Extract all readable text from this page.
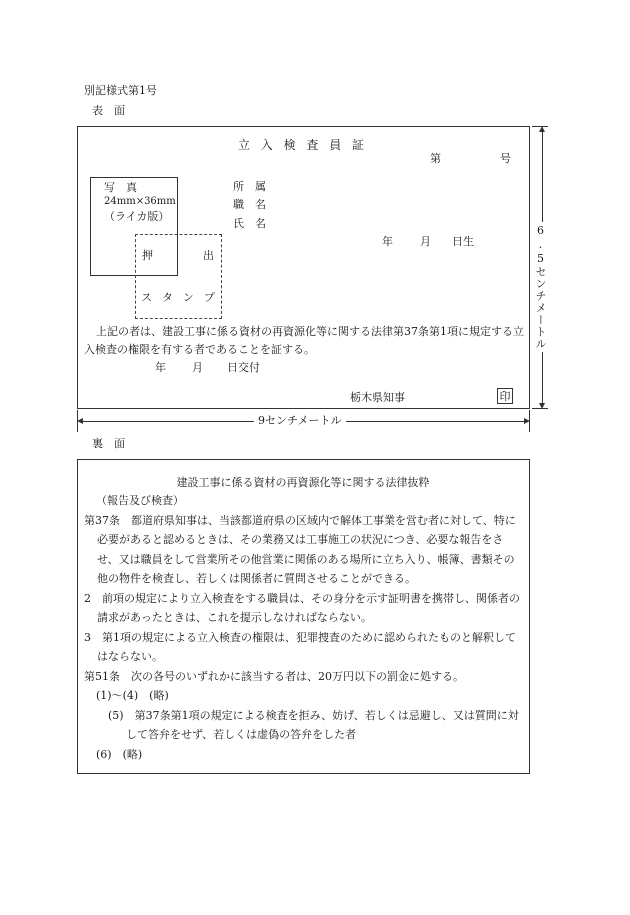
別記様式第1号
表　面
立入検査員証
第	号
写　真
24mm×36mm
（ライカ版）
押	出
スタンプ
所　属
職　名
氏　名
年 月 日生
上記の者は、建設工事に係る資材の再資源化等に関する法律第37条第1項に規定する立入検査の権限を有する者であることを証する。
年 月 日交付
栃木県知事	印
6.5センチメートル
9センチメートル
裏　面
建設工事に係る資材の再資源化等に関する法律抜粋

（報告及び検査）

第37条　 都道府県知事は、当該都道府県の区域内で解体工事業を営む者に対して、特に必要があると認めるときは、その業務又は工事施工の状況につき、必要な報告をさせ、又は職員をして営業所その他営業に関係のある場所に立ち入り、帳簿、書類その他の物件を検査し、若しくは関係者に質問させることができる。

2　前項の規定により立入検査をする職員は、その身分を示す証明書を携帯し、関係者の請求があったときは、これを提示しなければならない。

3　第1項の規定による立入検査の権限は、犯罪捜査のために認められたものと解釈してはならない。

第51条　 次の各号のいずれかに該当する者は、20万円以下の罰金に処する。

(1)～(4)　(略)

(5)　 第37条第1項の規定による検査を拒み、妨げ、若しくは忌避し、又は質問に対して答弁をせず、若しくは虚偽の答弁をした者

(6)　(略)
